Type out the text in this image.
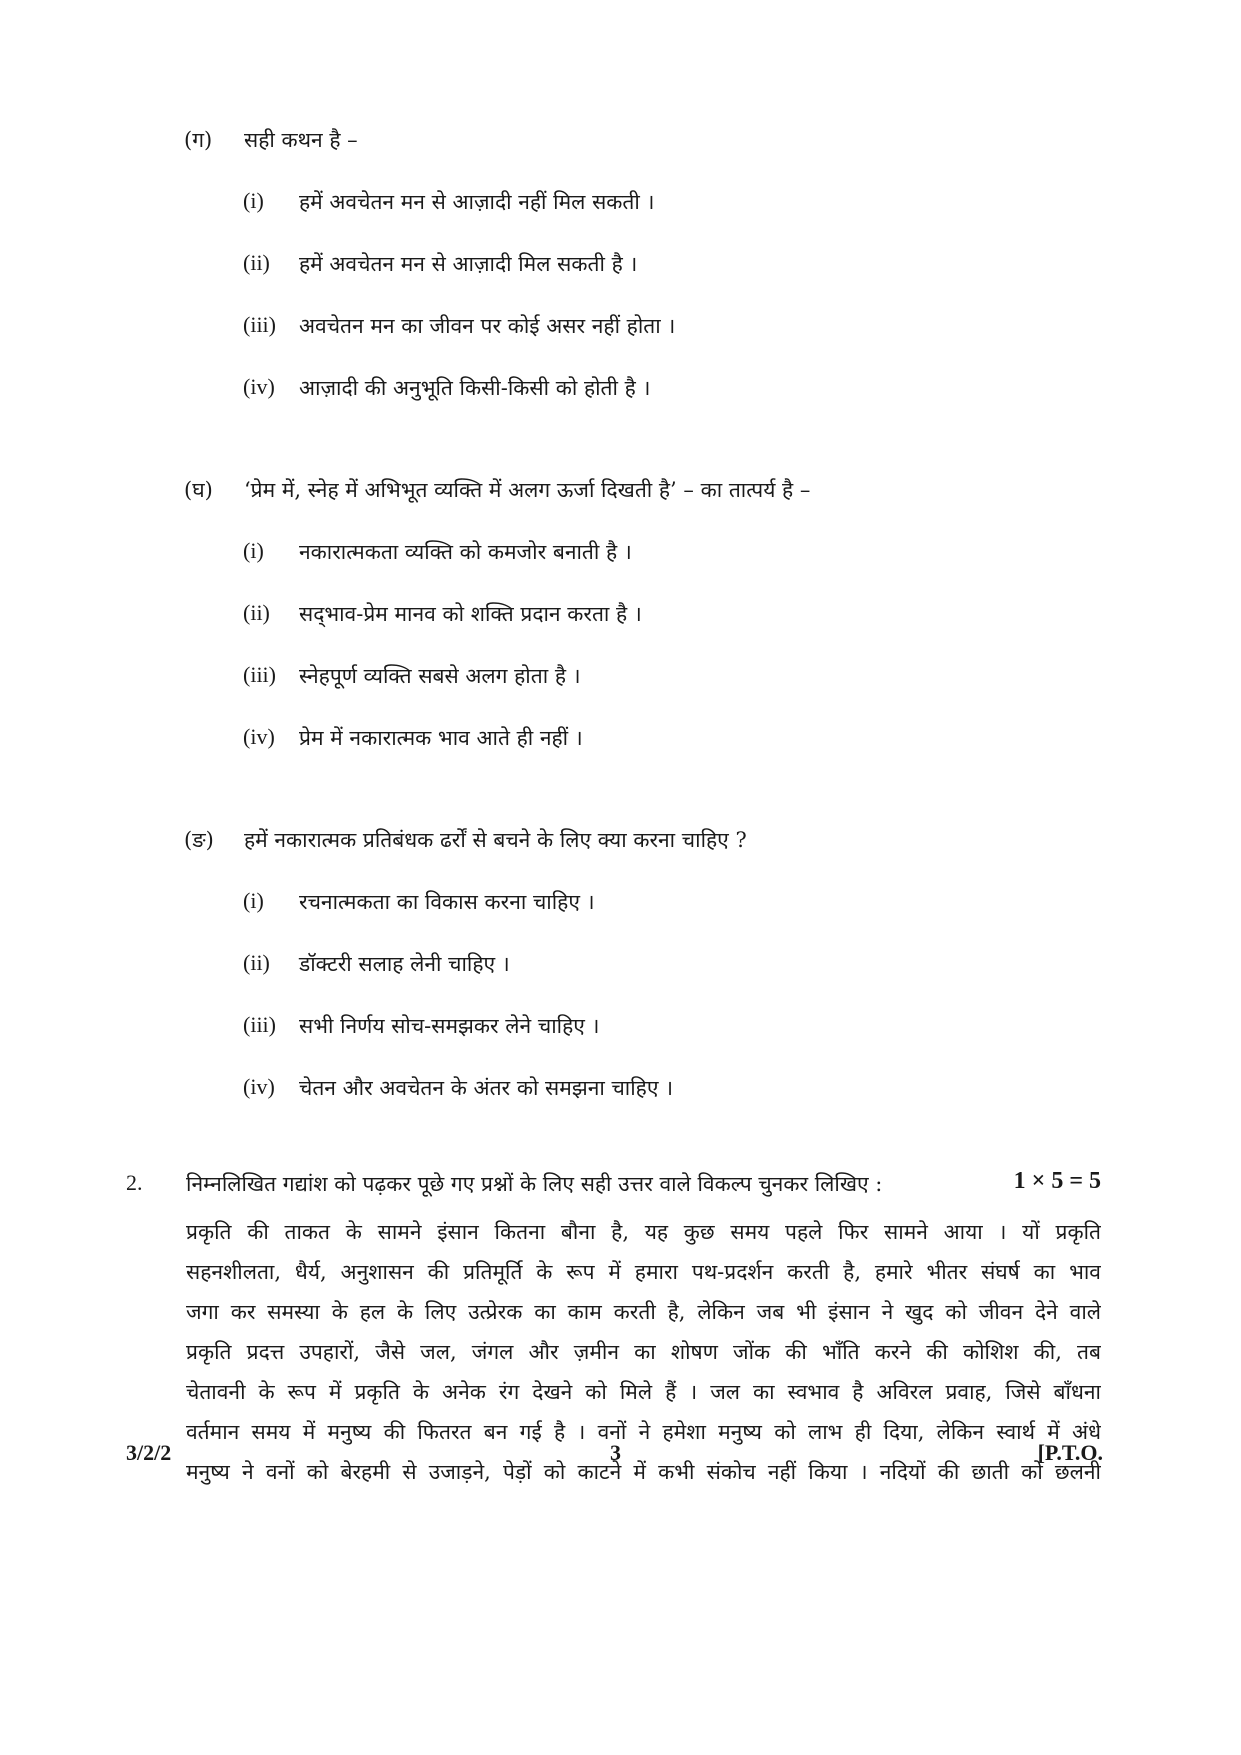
(ग) सही कथन है –
(i) हमें अवचेतन मन से आज़ादी नहीं मिल सकती ।
(ii) हमें अवचेतन मन से आज़ादी मिल सकती है ।
(iii) अवचेतन मन का जीवन पर कोई असर नहीं होता ।
(iv) आज़ादी की अनुभूति किसी-किसी को होती है ।
(घ) ‘प्रेम में, स्नेह में अभिभूत व्यक्ति में अलग ऊर्जा दिखती है’ – का तात्पर्य है –
(i) नकारात्मकता व्यक्ति को कमजोर बनाती है ।
(ii) सद्‌भाव-प्रेम मानव को शक्ति प्रदान करता है ।
(iii) स्नेहपूर्ण व्यक्ति सबसे अलग होता है ।
(iv) प्रेम में नकारात्मक भाव आते ही नहीं ।
(ङ) हमें नकारात्मक प्रतिबंधक ढर्रों से बचने के लिए क्या करना चाहिए ?
(i) रचनात्मकता का विकास करना चाहिए ।
(ii) डॉक्टरी सलाह लेनी चाहिए ।
(iii) सभी निर्णय सोच-समझकर लेने चाहिए ।
(iv) चेतन और अवचेतन के अंतर को समझना चाहिए ।
2. निम्नलिखित गद्यांश को पढ़कर पूछे गए प्रश्नों के लिए सही उत्तर वाले विकल्प चुनकर लिखिए :	1 × 5 = 5
प्रकृति की ताकत के सामने इंसान कितना बौना है, यह कुछ समय पहले फिर सामने आया । यों प्रकृति
सहनशीलता, धैर्य, अनुशासन की प्रतिमूर्ति के रूप में हमारा पथ-प्रदर्शन करती है, हमारे भीतर संघर्ष का भाव
जगा कर समस्या के हल के लिए उत्प्रेरक का काम करती है, लेकिन जब भी इंसान ने खुद को जीवन देने वाले
प्रकृति प्रदत्त उपहारों, जैसे जल, जंगल और ज़मीन का शोषण जोंक की भाँति करने की कोशिश की, तब
चेतावनी के रूप में प्रकृति के अनेक रंग देखने को मिले हैं । जल का स्वभाव है अविरल प्रवाह, जिसे बाँधना
वर्तमान समय में मनुष्य की फितरत बन गई है । वनों ने हमेशा मनुष्य को लाभ ही दिया, लेकिन स्वार्थ में अंधे
मनुष्य ने वनों को बेरहमी से उजाड़ने, पेड़ों को काटने में कभी संकोच नहीं किया । नदियों की छाती को छलनी
3/2/2	3	[P.T.O.
